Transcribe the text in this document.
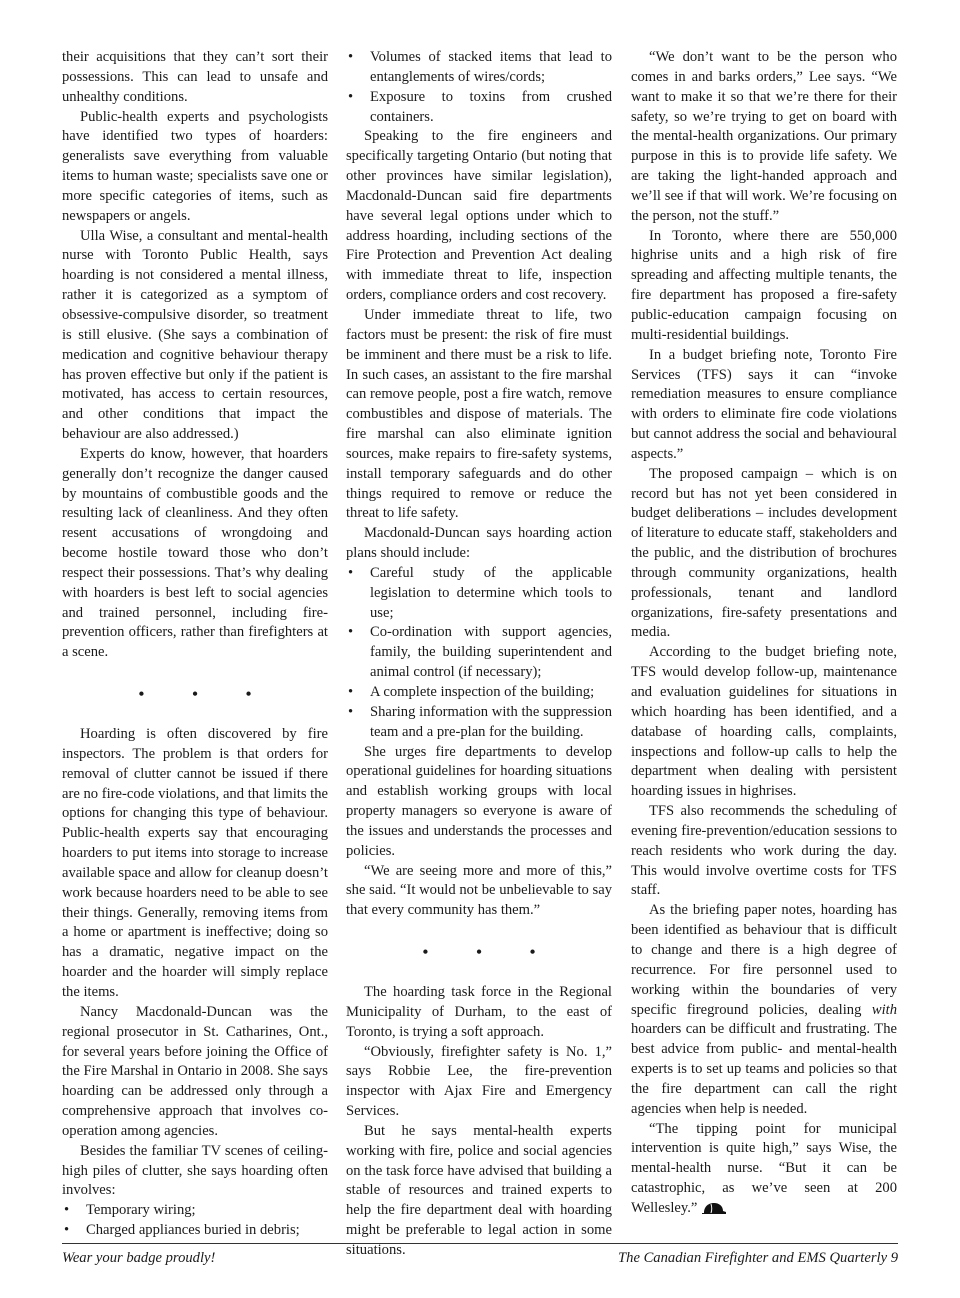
their acquisitions that they can’t sort their possessions. This can lead to unsafe and unhealthy conditions.

Public-health experts and psychologists have identified two types of hoarders: generalists save everything from valuable items to human waste; specialists save one or more specific categories of items, such as newspapers or angels.

Ulla Wise, a consultant and mental-health nurse with Toronto Public Health, says hoarding is not considered a mental illness, rather it is categorized as a symptom of obsessive-compulsive disorder, so treatment is still elusive. (She says a combination of medication and cognitive behaviour therapy has proven effective but only if the patient is motivated, has access to certain resources, and other conditions that impact the behaviour are also addressed.)

Experts do know, however, that hoarders generally don’t recognize the danger caused by mountains of combustible goods and the resulting lack of cleanliness. And they often resent accusations of wrongdoing and become hostile toward those who don’t respect their possessions. That’s why dealing with hoarders is best left to social agencies and trained personnel, including fire-prevention officers, rather than firefighters at a scene.

• • •

Hoarding is often discovered by fire inspectors. The problem is that orders for removal of clutter cannot be issued if there are no fire-code violations, and that limits the options for changing this type of behaviour. Public-health experts say that encouraging hoarders to put items into storage to increase available space and allow for cleanup doesn’t work because hoarders need to be able to see their things. Generally, removing items from a home or apartment is ineffective; doing so has a dramatic, negative impact on the hoarder and the hoarder will simply replace the items.

Nancy Macdonald-Duncan was the regional prosecutor in St. Catharines, Ont., for several years before joining the Office of the Fire Marshal in Ontario in 2008. She says hoarding can be addressed only through a comprehensive approach that involves co-operation among agencies.

Besides the familiar TV scenes of ceiling-high piles of clutter, she says hoarding often involves:

• Temporary wiring;
• Charged appliances buried in debris;
• Volumes of stacked items that lead to entanglements of wires/cords;
• Exposure to toxins from crushed containers.

Speaking to the fire engineers and specifically targeting Ontario (but noting that other provinces have similar legislation), Macdonald-Duncan said fire departments have several legal options under which to address hoarding, including sections of the Fire Protection and Prevention Act dealing with immediate threat to life, inspection orders, compliance orders and cost recovery.

Under immediate threat to life, two factors must be present: the risk of fire must be imminent and there must be a risk to life. In such cases, an assistant to the fire marshal can remove people, post a fire watch, remove combustibles and dispose of materials. The fire marshal can also eliminate ignition sources, make repairs to fire-safety systems, install temporary safeguards and do other things required to remove or reduce the threat to life safety.

Macdonald-Duncan says hoarding action plans should include:

• Careful study of the applicable legislation to determine which tools to use;
• Co-ordination with support agencies, family, the building superintendent and animal control (if necessary);
• A complete inspection of the building;
• Sharing information with the suppression team and a pre-plan for the building.

She urges fire departments to develop operational guidelines for hoarding situations and establish working groups with local property managers so everyone is aware of the issues and understands the processes and policies.

“We are seeing more and more of this,” she said. “It would not be unbelievable to say that every community has them.”

• • •

The hoarding task force in the Regional Municipality of Durham, to the east of Toronto, is trying a soft approach.

“Obviously, firefighter safety is No. 1,” says Robbie Lee, the fire-prevention inspector with Ajax Fire and Emergency Services.

But he says mental-health experts working with fire, police and social agencies on the task force have advised that building a stable of resources and trained experts to help the fire department deal with hoarding might be preferable to legal action in some situations.

“We don’t want to be the person who comes in and barks orders,” Lee says. “We want to make it so that we’re there for their safety, so we’re trying to get on board with the mental-health organizations. Our primary purpose in this is to provide life safety. We are taking the light-handed approach and we’ll see if that will work. We’re focusing on the person, not the stuff.”

In Toronto, where there are 550,000 highrise units and a high risk of fire spreading and affecting multiple tenants, the fire department has proposed a fire-safety public-education campaign focusing on multi-residential buildings.

In a budget briefing note, Toronto Fire Services (TFS) says it can “invoke remediation measures to ensure compliance with orders to eliminate fire code violations but cannot address the social and behavioural aspects.”

The proposed campaign – which is on record but has not yet been considered in budget deliberations – includes development of literature to educate staff, stakeholders and the public, and the distribution of brochures through community organizations, health professionals, tenant and landlord organizations, fire-safety presentations and media.

According to the budget briefing note, TFS would develop follow-up, maintenance and evaluation guidelines for situations in which hoarding has been identified, and a database of hoarding calls, complaints, inspections and follow-up calls to help the department when dealing with persistent hoarding issues in highrises.

TFS also recommends the scheduling of evening fire-prevention/education sessions to reach residents who work during the day. This would involve overtime costs for TFS staff.

As the briefing paper notes, hoarding has been identified as behaviour that is difficult to change and there is a high degree of recurrence. For fire personnel used to working within the boundaries of very specific fireground policies, dealing with hoarders can be difficult and frustrating. The best advice from public- and mental-health experts is to set up teams and policies so that the fire department can call the right agencies when help is needed.

“The tipping point for municipal intervention is quite high,” says Wise, the mental-health nurse. “But it can be catastrophic, as we’ve seen at 200 Wellesley.”

Wear your badge proudly!	The Canadian Firefighter and EMS Quarterly 9
